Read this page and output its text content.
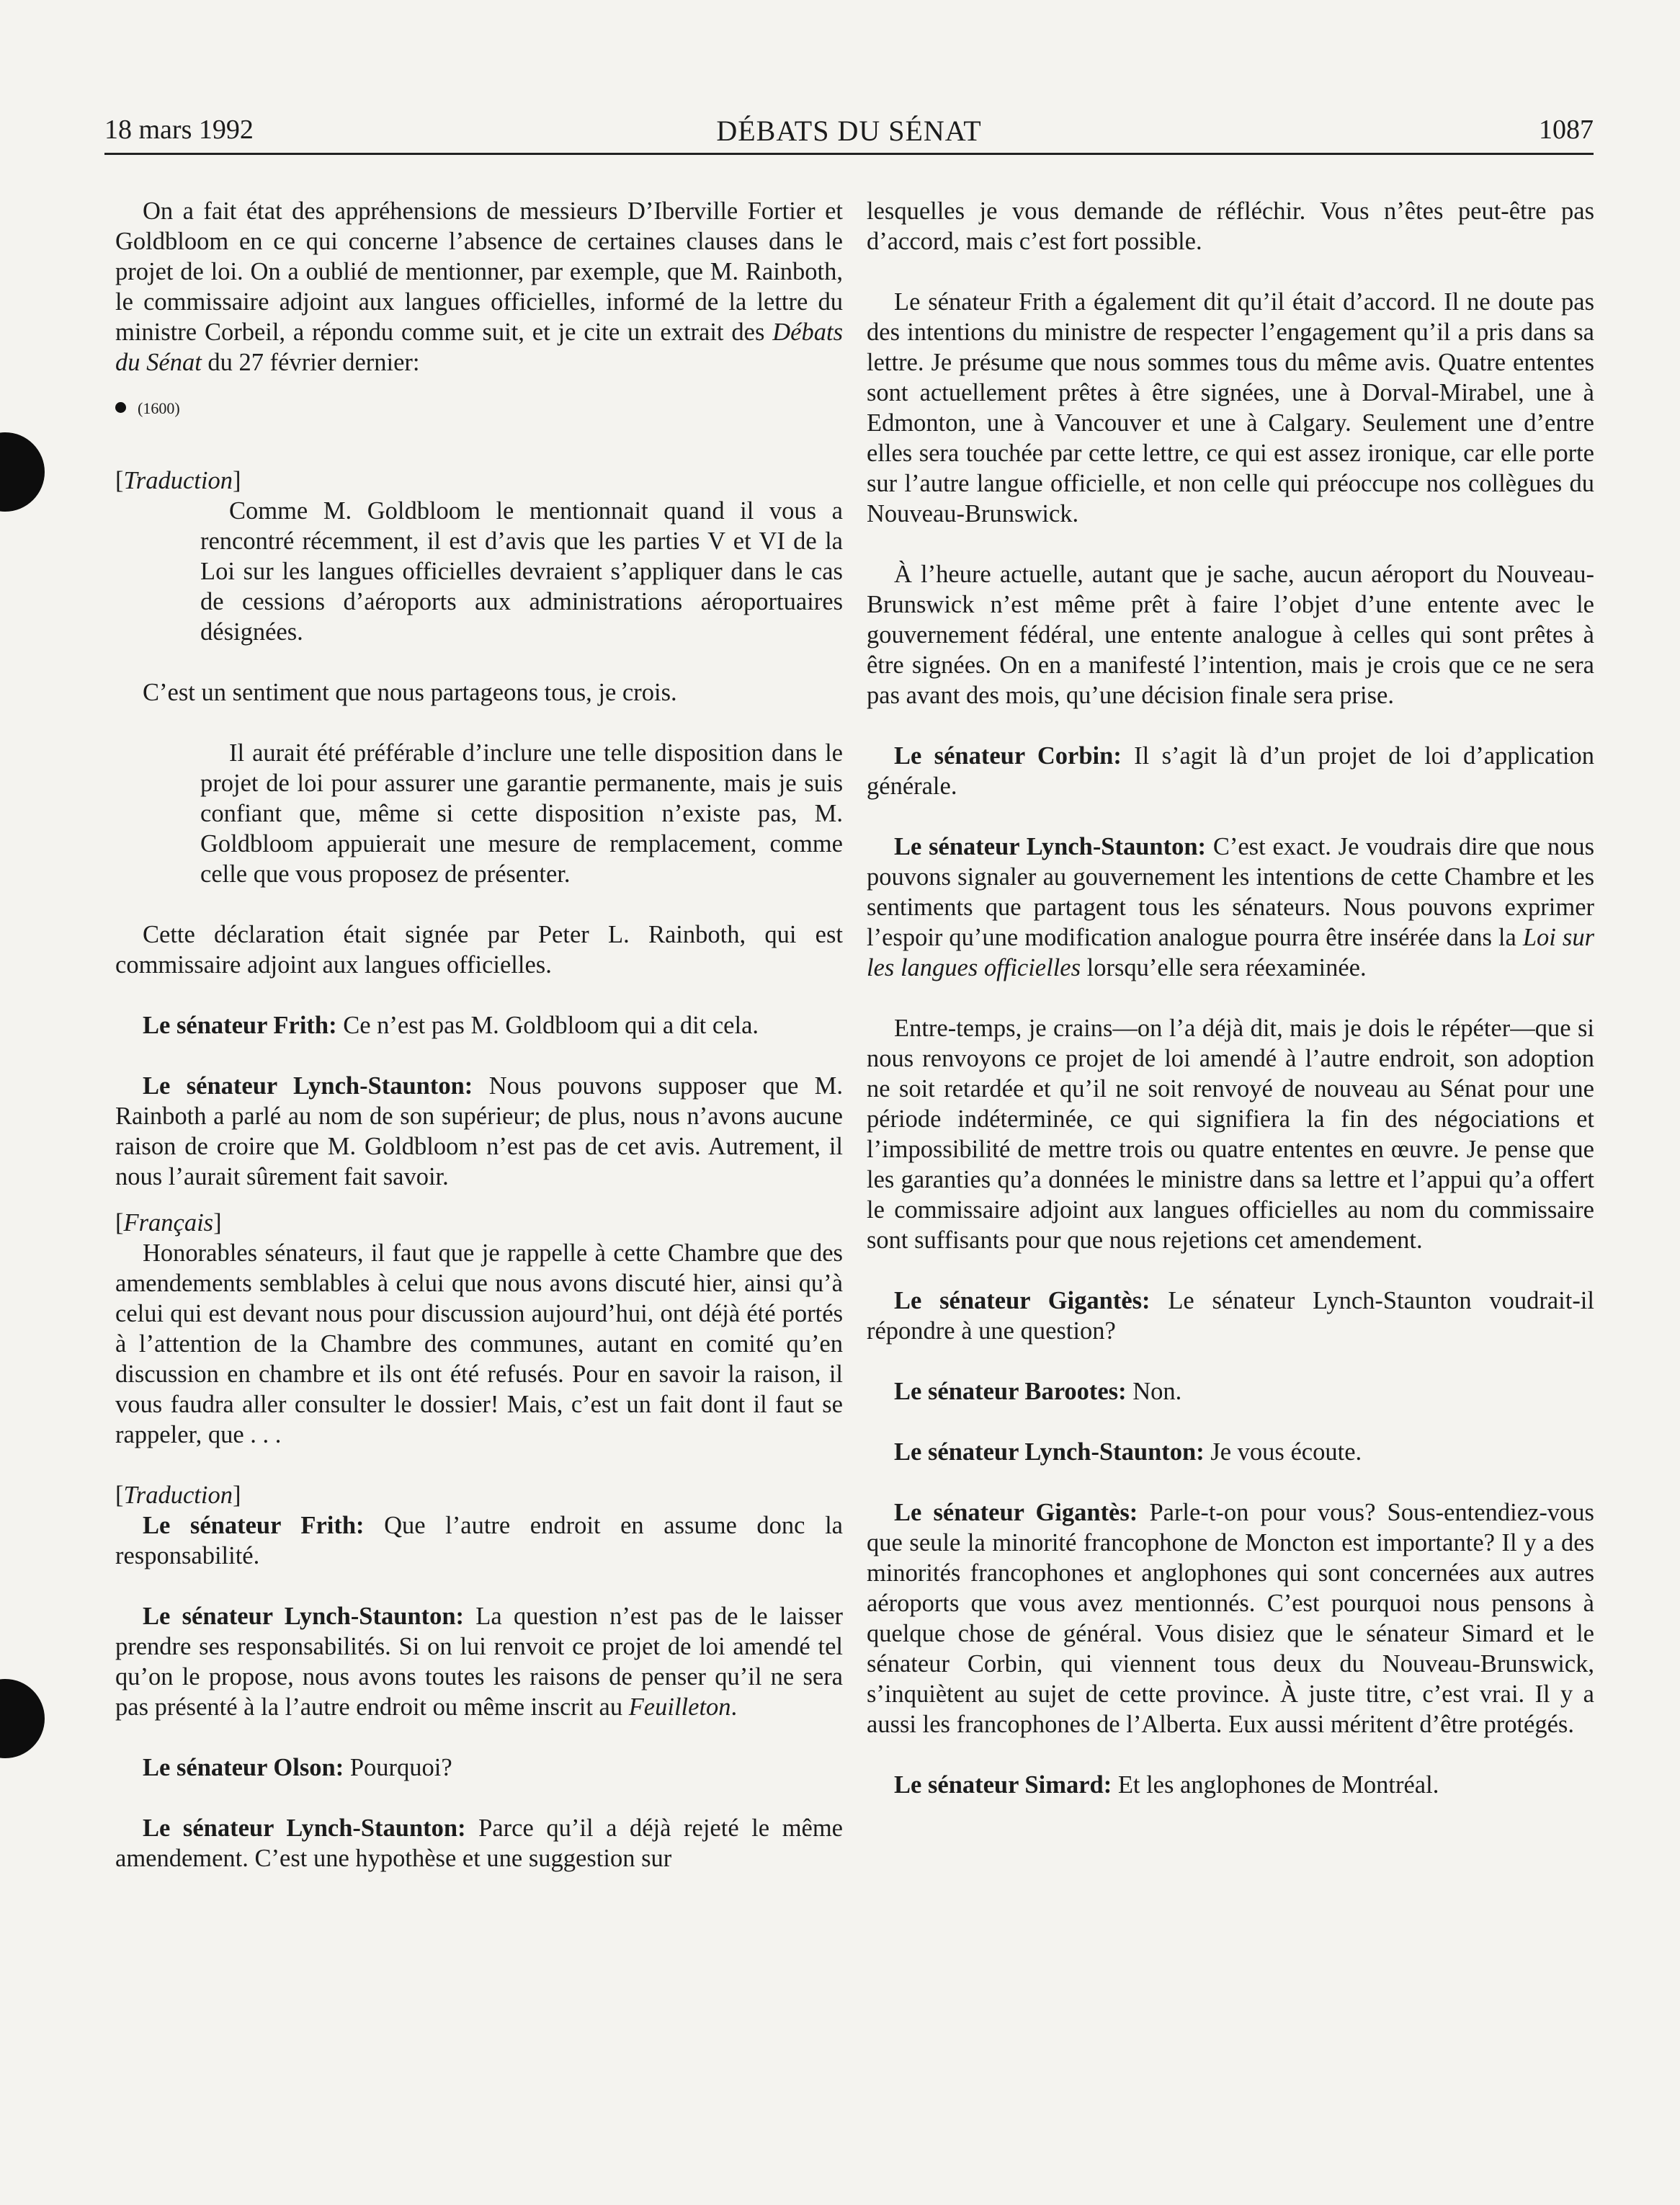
18 mars 1992	DÉBATS DU SÉNAT	1087

On a fait état des appréhensions de messieurs D’Iberville Fortier et Goldbloom en ce qui concerne l’absence de certaines clauses dans le projet de loi. On a oublié de mentionner, par exemple, que M. Rainboth, le commissaire adjoint aux langues officielles, informé de la lettre du ministre Corbeil, a répondu comme suit, et je cite un extrait des Débats du Sénat du 27 février dernier:

(1600)

[Traduction]

Comme M. Goldbloom le mentionnait quand il vous a rencontré récemment, il est d’avis que les parties V et VI de la Loi sur les langues officielles devraient s’appliquer dans le cas de cessions d’aéroports aux administrations aéroportuaires désignées.

C’est un sentiment que nous partageons tous, je crois.

Il aurait été préférable d’inclure une telle disposition dans le projet de loi pour assurer une garantie permanente, mais je suis confiant que, même si cette disposition n’existe pas, M. Goldbloom appuierait une mesure de remplacement, comme celle que vous proposez de présenter.

Cette déclaration était signée par Peter L. Rainboth, qui est commissaire adjoint aux langues officielles.

Le sénateur Frith: Ce n’est pas M. Goldbloom qui a dit cela.

Le sénateur Lynch-Staunton: Nous pouvons supposer que M. Rainboth a parlé au nom de son supérieur; de plus, nous n’avons aucune raison de croire que M. Goldbloom n’est pas de cet avis. Autrement, il nous l’aurait sûrement fait savoir.

[Français]

Honorables sénateurs, il faut que je rappelle à cette Chambre que des amendements semblables à celui que nous avons discuté hier, ainsi qu’à celui qui est devant nous pour discussion aujourd’hui, ont déjà été portés à l’attention de la Chambre des communes, autant en comité qu’en discussion en chambre et ils ont été refusés. Pour en savoir la raison, il vous faudra aller consulter le dossier! Mais, c’est un fait dont il faut se rappeler, que . . .

[Traduction]

Le sénateur Frith: Que l’autre endroit en assume donc la responsabilité.

Le sénateur Lynch-Staunton: La question n’est pas de le laisser prendre ses responsabilités. Si on lui renvoit ce projet de loi amendé tel qu’on le propose, nous avons toutes les raisons de penser qu’il ne sera pas présenté à la l’autre endroit ou même inscrit au Feuilleton.

Le sénateur Olson: Pourquoi?

Le sénateur Lynch-Staunton: Parce qu’il a déjà rejeté le même amendement. C’est une hypothèse et une suggestion sur

lesquelles je vous demande de réfléchir. Vous n’êtes peut-être pas d’accord, mais c’est fort possible.

Le sénateur Frith a également dit qu’il était d’accord. Il ne doute pas des intentions du ministre de respecter l’engagement qu’il a pris dans sa lettre. Je présume que nous sommes tous du même avis. Quatre ententes sont actuellement prêtes à être signées, une à Dorval-Mirabel, une à Edmonton, une à Vancouver et une à Calgary. Seulement une d’entre elles sera touchée par cette lettre, ce qui est assez ironique, car elle porte sur l’autre langue officielle, et non celle qui préoccupe nos collègues du Nouveau-Brunswick.

À l’heure actuelle, autant que je sache, aucun aéroport du Nouveau-Brunswick n’est même prêt à faire l’objet d’une entente avec le gouvernement fédéral, une entente analogue à celles qui sont prêtes à être signées. On en a manifesté l’intention, mais je crois que ce ne sera pas avant des mois, qu’une décision finale sera prise.

Le sénateur Corbin: Il s’agit là d’un projet de loi d’application générale.

Le sénateur Lynch-Staunton: C’est exact. Je voudrais dire que nous pouvons signaler au gouvernement les intentions de cette Chambre et les sentiments que partagent tous les sénateurs. Nous pouvons exprimer l’espoir qu’une modification analogue pourra être insérée dans la Loi sur les langues officielles lorsqu’elle sera réexaminée.

Entre-temps, je crains—on l’a déjà dit, mais je dois le répéter—que si nous renvoyons ce projet de loi amendé à l’autre endroit, son adoption ne soit retardée et qu’il ne soit renvoyé de nouveau au Sénat pour une période indéterminée, ce qui signifiera la fin des négociations et l’impossibilité de mettre trois ou quatre ententes en œuvre. Je pense que les garanties qu’a données le ministre dans sa lettre et l’appui qu’a offert le commissaire adjoint aux langues officielles au nom du commissaire sont suffisants pour que nous rejetions cet amendement.

Le sénateur Gigantès: Le sénateur Lynch-Staunton voudrait-il répondre à une question?

Le sénateur Barootes: Non.

Le sénateur Lynch-Staunton: Je vous écoute.

Le sénateur Gigantès: Parle-t-on pour vous? Sous-entendiez-vous que seule la minorité francophone de Moncton est importante? Il y a des minorités francophones et anglophones qui sont concernées aux autres aéroports que vous avez mentionnés. C’est pourquoi nous pensons à quelque chose de général. Vous disiez que le sénateur Simard et le sénateur Corbin, qui viennent tous deux du Nouveau-Brunswick, s’inquiètent au sujet de cette province. À juste titre, c’est vrai. Il y a aussi les francophones de l’Alberta. Eux aussi méritent d’être protégés.

Le sénateur Simard: Et les anglophones de Montréal.
